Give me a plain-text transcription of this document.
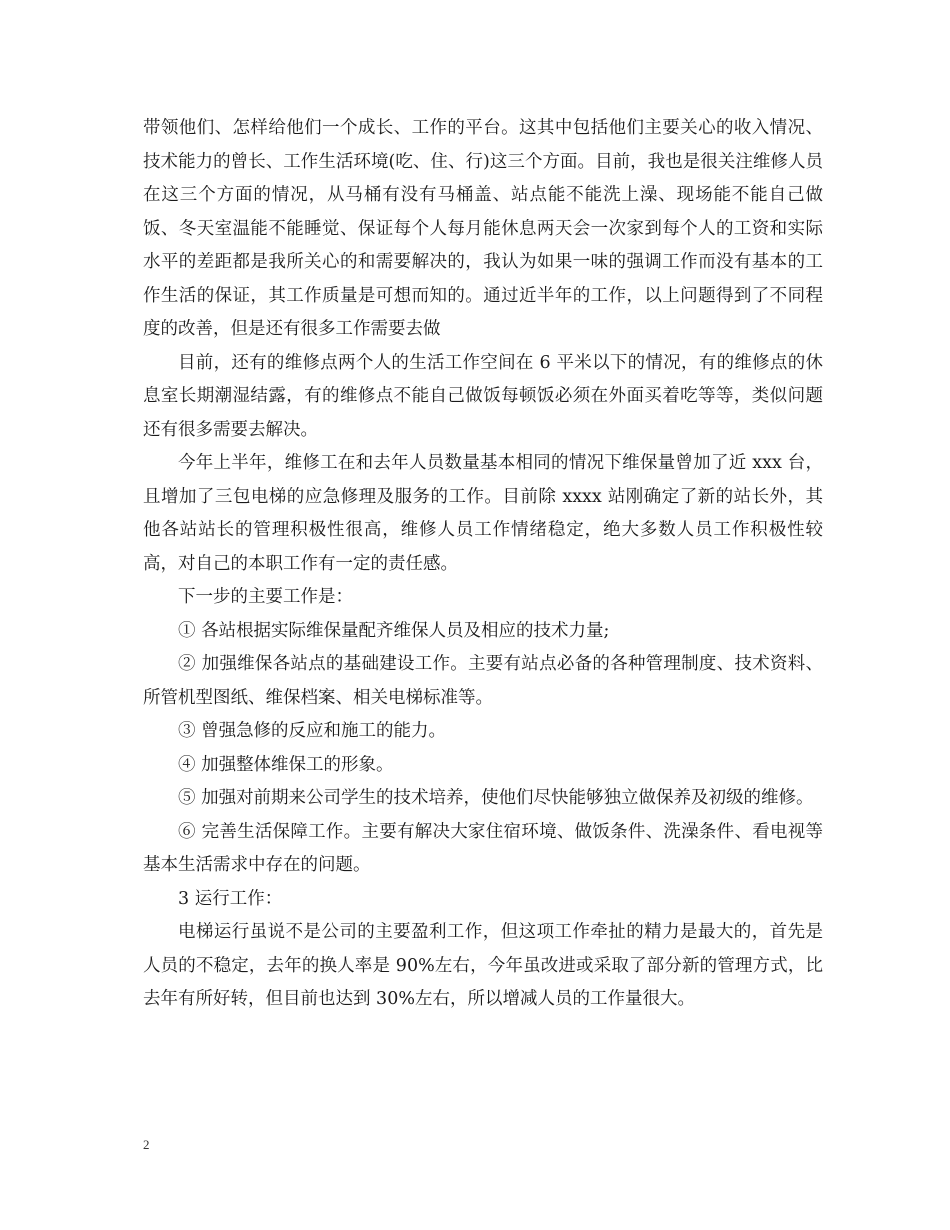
带领他们、怎样给他们一个成长、工作的平台。这其中包括他们主要关心的收入情况、技术能力的曾长、工作生活环境(吃、住、行)这三个方面。目前，我也是很关注维修人员在这三个方面的情况，从马桶有没有马桶盖、站点能不能洗上澡、现场能不能自己做饭、冬天室温能不能睡觉、保证每个人每月能休息两天会一次家到每个人的工资和实际水平的差距都是我所关心的和需要解决的，我认为如果一味的强调工作而没有基本的工作生活的保证，其工作质量是可想而知的。通过近半年的工作，以上问题得到了不同程度的改善，但是还有很多工作需要去做

目前，还有的维修点两个人的生活工作空间在 6 平米以下的情况，有的维修点的休息室长期潮湿结露，有的维修点不能自己做饭每顿饭必须在外面买着吃等等，类似问题还有很多需要去解决。

今年上半年，维修工在和去年人员数量基本相同的情况下维保量曾加了近 xxx 台，且增加了三包电梯的应急修理及服务的工作。目前除 xxxx 站刚确定了新的站长外，其他各站站长的管理积极性很高，维修人员工作情绪稳定，绝大多数人员工作积极性较高，对自己的本职工作有一定的责任感。

下一步的主要工作是：

① 各站根据实际维保量配齐维保人员及相应的技术力量;

② 加强维保各站点的基础建设工作。主要有站点必备的各种管理制度、技术资料、所管机型图纸、维保档案、相关电梯标准等。

③ 曾强急修的反应和施工的能力。

④ 加强整体维保工的形象。

⑤ 加强对前期来公司学生的技术培养，使他们尽快能够独立做保养及初级的维修。

⑥ 完善生活保障工作。主要有解决大家住宿环境、做饭条件、洗澡条件、看电视等基本生活需求中存在的问题。

3 运行工作：

电梯运行虽说不是公司的主要盈利工作，但这项工作牵扯的精力是最大的，首先是人员的不稳定，去年的换人率是 90%左右，今年虽改进或采取了部分新的管理方式，比去年有所好转，但目前也达到 30%左右，所以增减人员的工作量很大。

2
